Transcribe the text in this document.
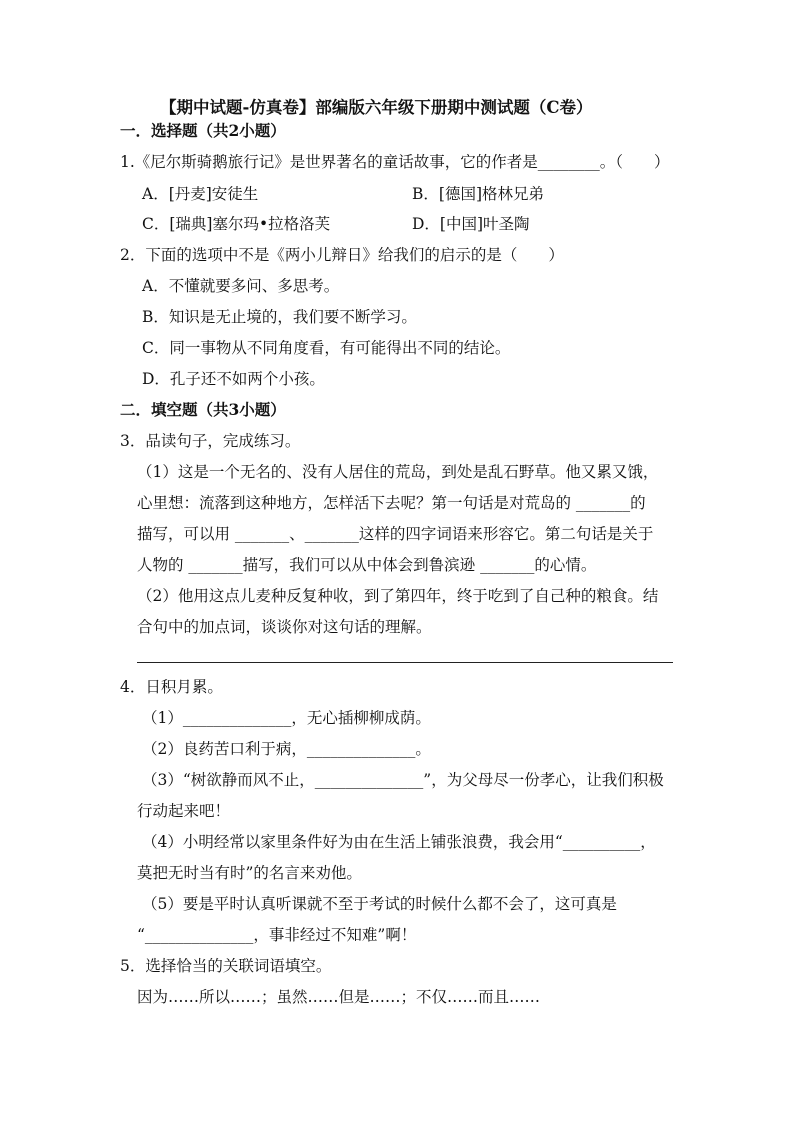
【期中试题-仿真卷】部编版六年级下册期中测试题（C卷）
一．选择题（共2小题）
1.《尼尔斯骑鹅旅行记》是世界著名的童话故事，它的作者是________。（　　）
A．[丹麦]安徒生	B．[德国]格林兄弟
C．[瑞典]塞尔玛•拉格洛芙	D．[中国]叶圣陶
2．下面的选项中不是《两小儿辩日》给我们的启示的是（　　）
A．不懂就要多问、多思考。
B．知识是无止境的，我们要不断学习。
C．同一事物从不同角度看，有可能得出不同的结论。
D．孔子还不如两个小孩。
二．填空题（共3小题）
3．品读句子，完成练习。
（1）这是一个无名的、没有人居住的荒岛，到处是乱石野草。他又累又饿，
心里想：流落到这种地方，怎样活下去呢？第一句话是对荒岛的 _______的
描写，可以用 _______、_______这样的四字词语来形容它。第二句话是关于
人物的 _______描写，我们可以从中体会到鲁滨逊 _______的心情。
（2）他用这点儿麦种反复种收，到了第四年，终于吃到了自己种的粮食。结
合句中的加点词，谈谈你对这句话的理解。
4．日积月累。
（1）______________，无心插柳柳成荫。
（2）良药苦口利于病，______________。
（3）“树欲静而风不止，______________”，为父母尽一份孝心，让我们积极
行动起来吧！
（4）小明经常以家里条件好为由在生活上铺张浪费，我会用“__________，
莫把无时当有时”的名言来劝他。
（5）要是平时认真听课就不至于考试的时候什么都不会了，这可真是
“______________，事非经过不知难”啊！
5．选择恰当的关联词语填空。
因为……所以……；虽然……但是……；不仅……而且……
